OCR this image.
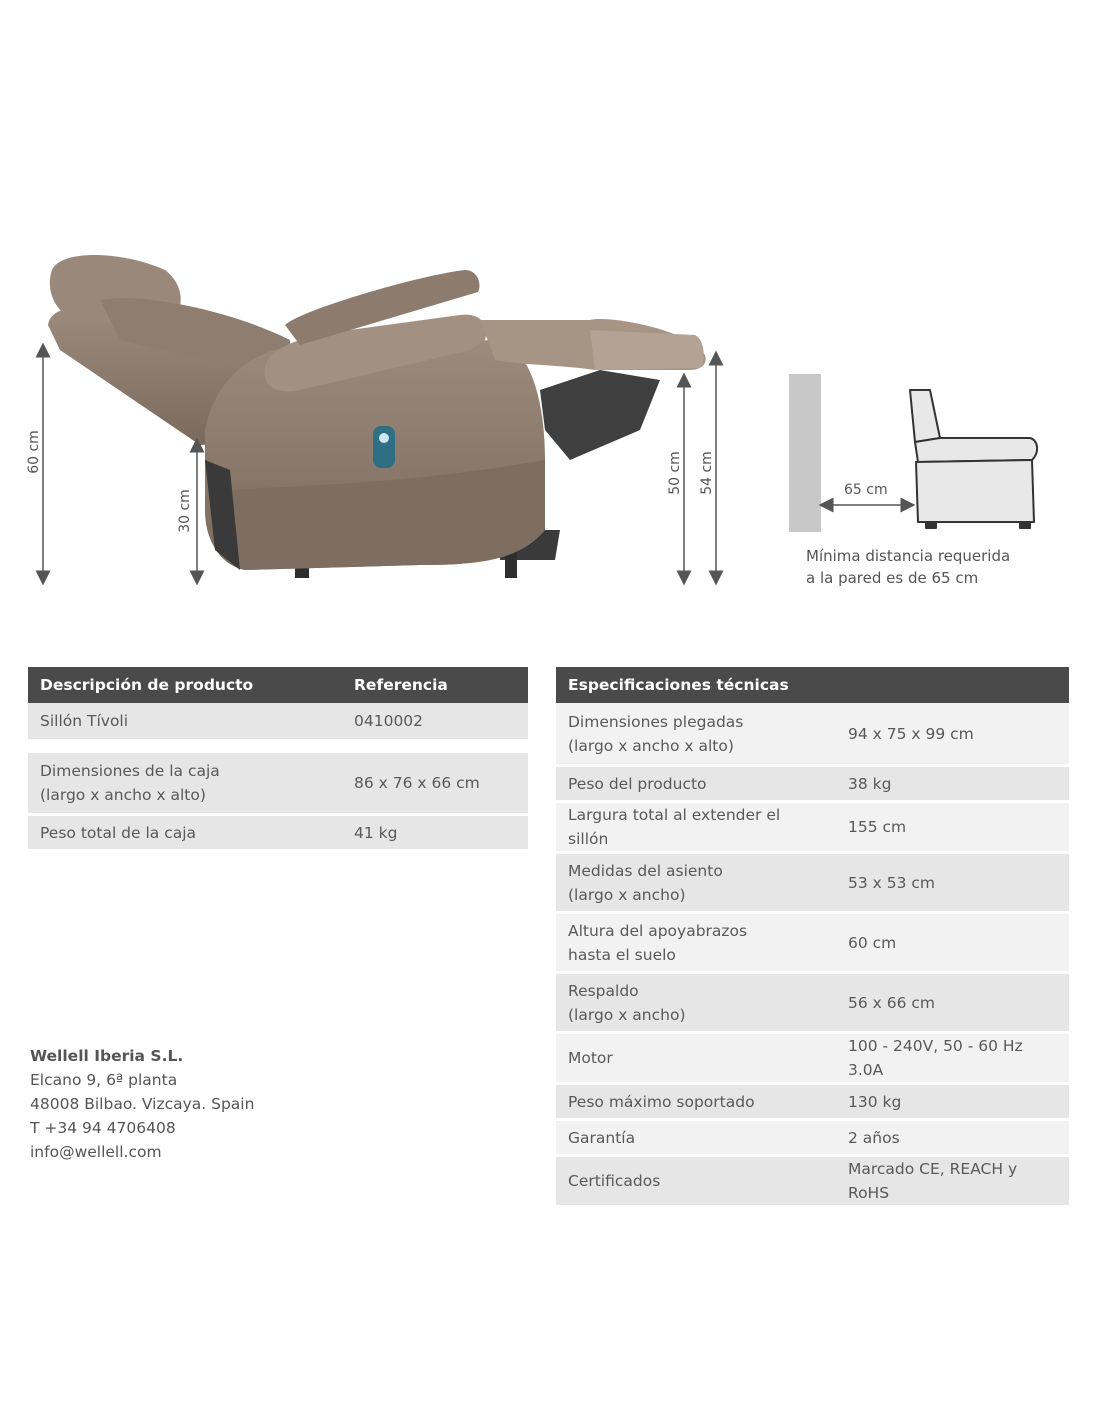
60 cm
30 cm
50 cm 54 cm	65 cm
Mínima distancia requerida
a la pared es de 65 cm
Descripción de producto	Referencia
Sillón Tívoli	0410002

Dimensiones de la caja
(largo x ancho x alto)	86 x 76 x 66 cm
Peso total de la caja	41 kg
Especificaciones técnicas	

Dimensiones plegadas
(largo x ancho x alto)	94 x 75 x 99 cm
Peso del producto	38 kg
Largura total al extender el sillón	155 cm

Medidas del asiento
(largo x ancho)	53 x 53 cm

Altura del apoyabrazos
hasta el suelo	60 cm

Respaldo
(largo x ancho)	56 x 66 cm
Motor	100 - 240V, 50 - 60 Hz 3.0A
Peso máximo soportado	130 kg
Garantía	2 años
Certificados	Marcado CE, REACH y RoHS
Wellell Iberia S.L.
Elcano 9, 6ª planta
48008 Bilbao. Vizcaya. Spain
T +34 94 4706408
info@wellell.com
